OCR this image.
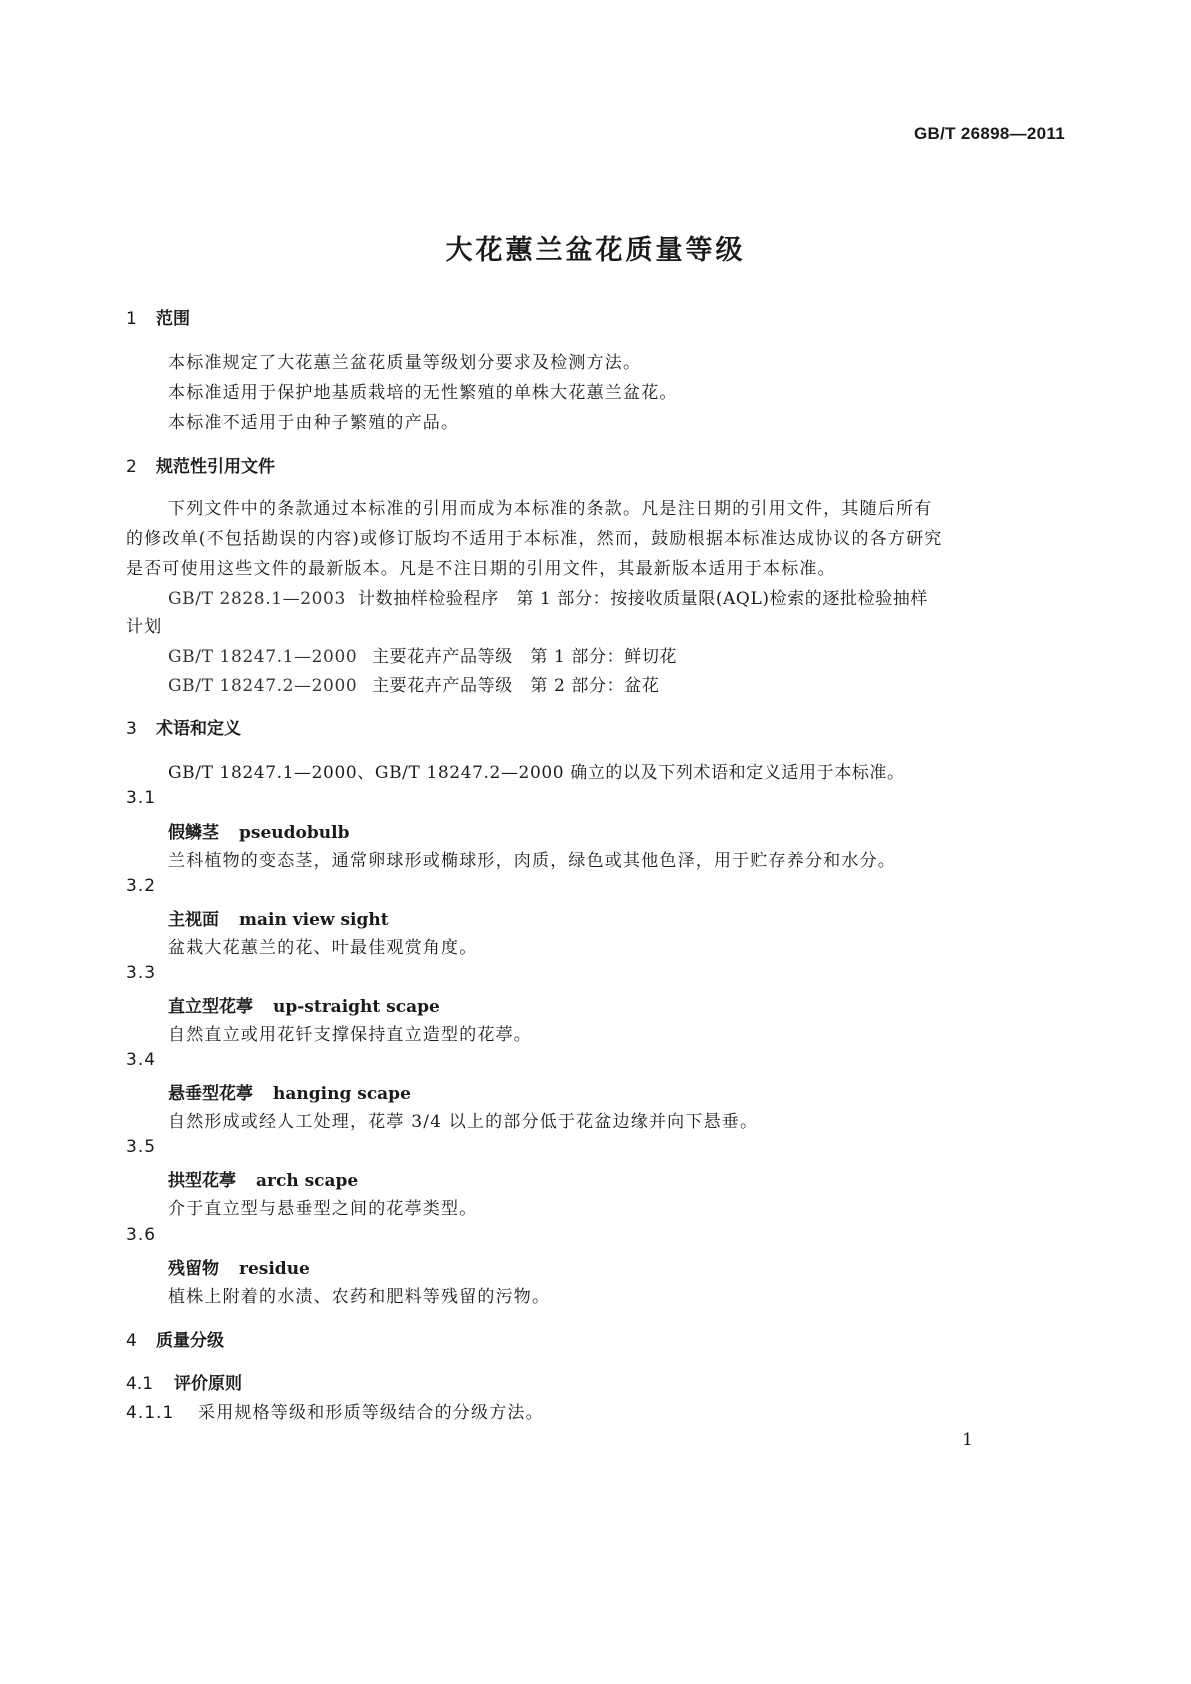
GB/T 26898—2011
大花蕙兰盆花质量等级
1 范围
本标准规定了大花蕙兰盆花质量等级划分要求及检测方法。
本标准适用于保护地基质栽培的无性繁殖的单株大花蕙兰盆花。
本标准不适用于由种子繁殖的产品。
2 规范性引用文件
下列文件中的条款通过本标准的引用而成为本标准的条款。凡是注日期的引用文件，其随后所有
的修改单(不包括勘误的内容)或修订版均不适用于本标准，然而，鼓励根据本标准达成协议的各方研究
是否可使用这些文件的最新版本。凡是不注日期的引用文件，其最新版本适用于本标准。
GB/T 2828.1—2003 计数抽样检验程序　第 1 部分：按接收质量限(AQL)检索的逐批检验抽样
计划
GB/T 18247.1—2000 主要花卉产品等级　第 1 部分：鲜切花
GB/T 18247.2—2000 主要花卉产品等级　第 2 部分：盆花
3 术语和定义
GB/T 18247.1—2000、GB/T 18247.2—2000 确立的以及下列术语和定义适用于本标准。
3.1
假鳞茎 pseudobulb
兰科植物的变态茎，通常卵球形或椭球形，肉质，绿色或其他色泽，用于贮存养分和水分。
3.2
主视面 main view sight
盆栽大花蕙兰的花、叶最佳观赏角度。
3.3
直立型花葶 up-straight scape
自然直立或用花钎支撑保持直立造型的花葶。
3.4
悬垂型花葶 hanging scape
自然形成或经人工处理，花葶 3/4 以上的部分低于花盆边缘并向下悬垂。
3.5
拱型花葶 arch scape
介于直立型与悬垂型之间的花葶类型。
3.6
残留物 residue
植株上附着的水渍、农药和肥料等残留的污物。
4 质量分级
4.1 评价原则
4.1.1 采用规格等级和形质等级结合的分级方法。
1
